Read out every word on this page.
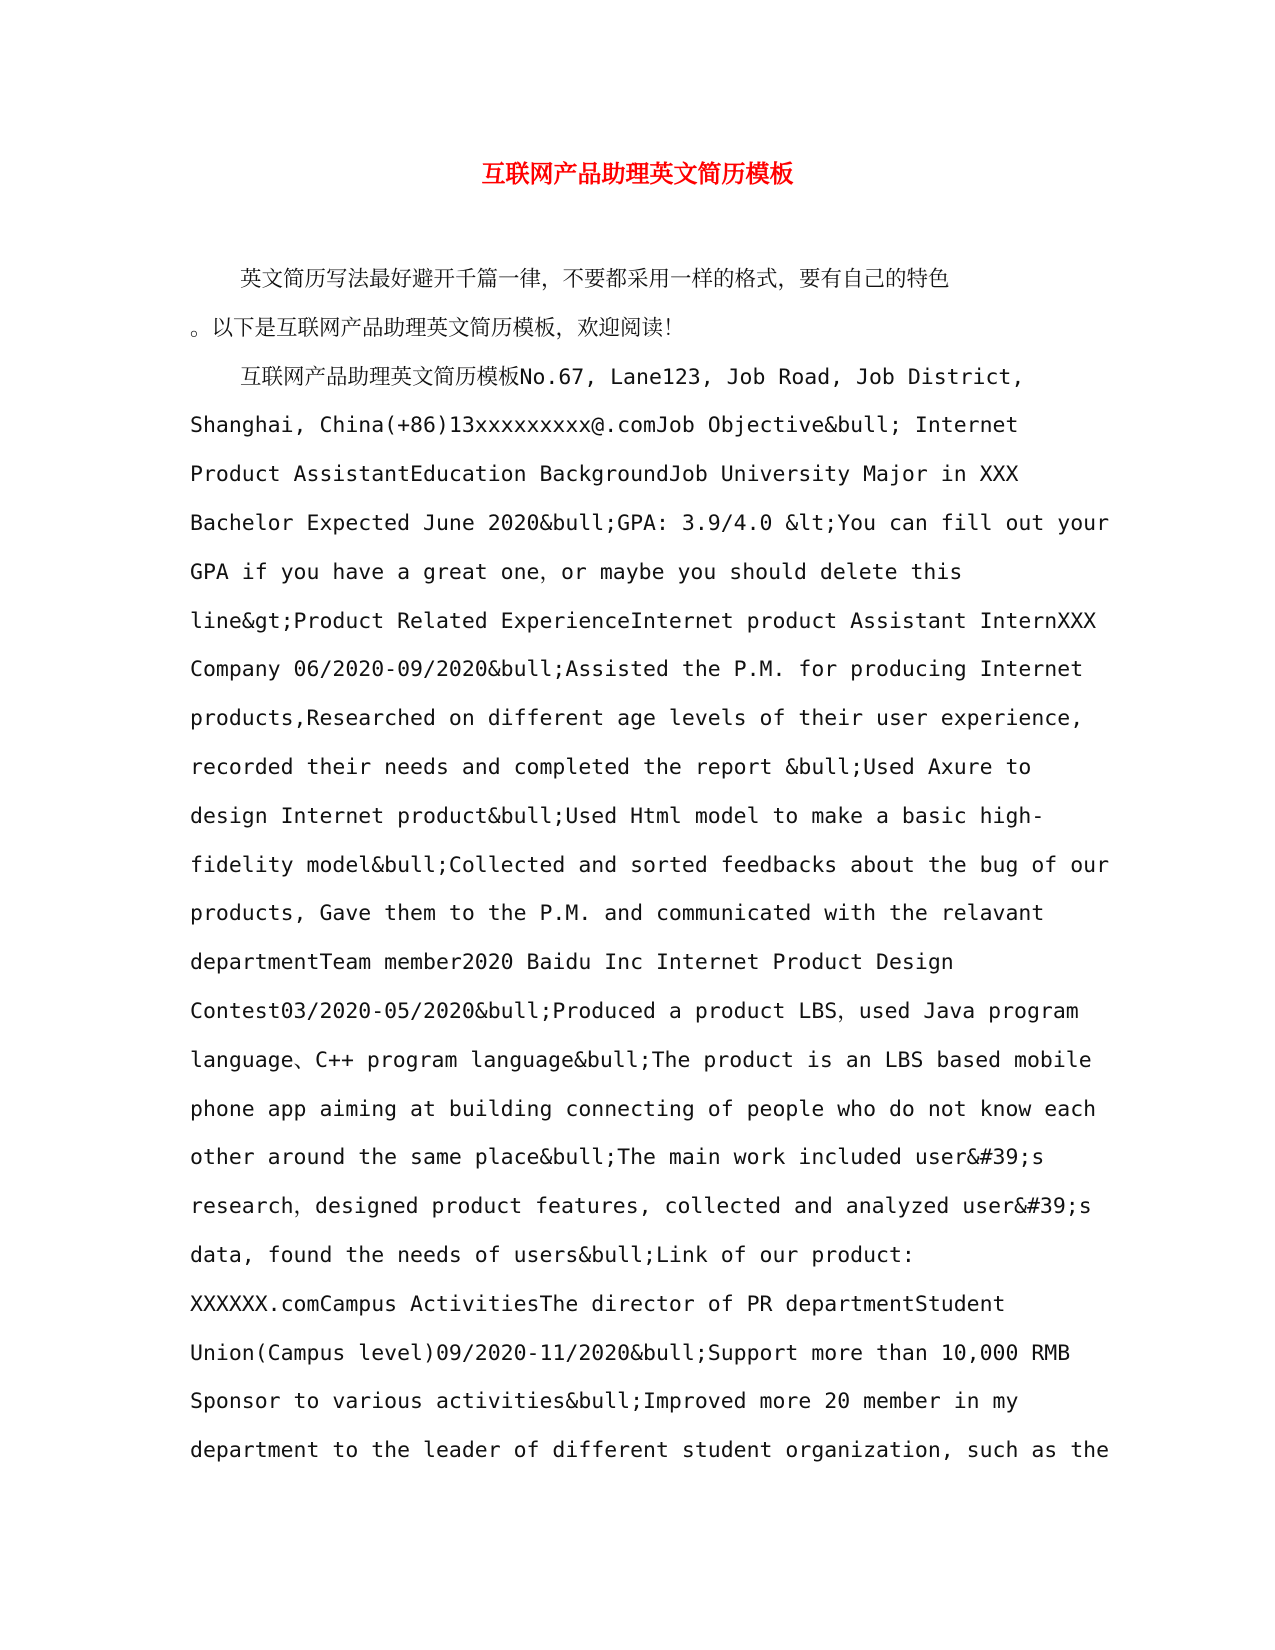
互联网产品助理英文简历模板
英文简历写法最好避开千篇一律，不要都采用一样的格式，要有自己的特色
。以下是互联网产品助理英文简历模板，欢迎阅读！
互联网产品助理英文简历模板No.67, Lane123, Job Road, Job District,
Shanghai, China(+86)13xxxxxxxxx@.comJob Objective&bull; Internet
Product AssistantEducation BackgroundJob University Major in XXX
Bachelor Expected June 2020&bull;GPA: 3.9/4.0 &lt;You can fill out your
GPA if you have a great one，or maybe you should delete this
line&gt;Product Related ExperienceInternet product Assistant InternXXX
Company 06/2020-09/2020&bull;Assisted the P.M. for producing Internet
products,Researched on different age levels of their user experience,
recorded their needs and completed the report &bull;Used Axure to
design Internet product&bull;Used Html model to make a basic high-
fidelity model&bull;Collected and sorted feedbacks about the bug of our
products, Gave them to the P.M. and communicated with the relavant
departmentTeam member2020 Baidu Inc Internet Product Design
Contest03/2020-05/2020&bull;Produced a product LBS，used Java program
language、C++ program language&bull;The product is an LBS based mobile
phone app aiming at building connecting of people who do not know each
other around the same place&bull;The main work included user&#39;s
research，designed product features, collected and analyzed user&#39;s
data, found the needs of users&bull;Link of our product:
XXXXXX.comCampus ActivitiesThe director of PR departmentStudent
Union(Campus level)09/2020-11/2020&bull;Support more than 10,000 RMB
Sponsor to various activities&bull;Improved more 20 member in my
department to the leader of different student organization, such as the
